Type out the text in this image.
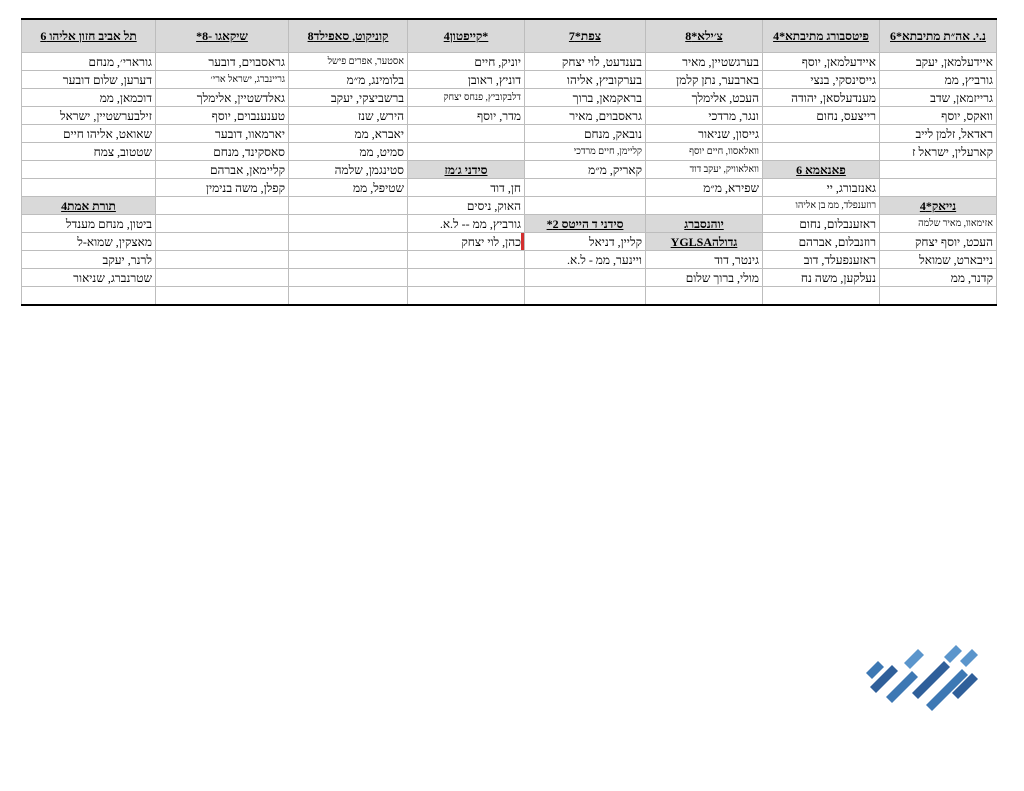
נ.י. אה״ת מתיבתא*6	פיטסבורג מתיבתא*4	צ׳ילא*8	צפת*7	*קייפטון4	קוניקוט, סאפילד8	שיקאגו -8*	תל אביב חזון אליהו 6
איידעלמאן, יעקב	איידעלמאן, יוסף	בערגשטיין, מאיר	בענדעט, לוי יצחק	יוניק, חיים	אסטער, אפרים פישל	גראסבוים, דובער	גורארי׳, מנחם
גורביץ, ממ	גייסינסקי, בנצי	בארבער, נתן קלמן	בערקוביץ, אליהו	דוניץ, ראובן	בלומינג, מ״מ	גריינברג, ישראל ארי׳	דערען, שלום דובער
גרייזמאן, שדב	מענדעלסאן, יהודה	העכט, אלימלך	בראקמאן, ברוך	דלבקוביץ, פנחס יצחק	ברשביצקי, יעקב	גאלדשטיין, אלימלך	דוכמאן, ממ
וואקס, יוסף	רייצעס, נחום	ונגר, מרדכי	גראסבוים, מאיר	מדר, יוסף	הירש, שנז	טענענבוים, יוסף	זילבערשטיין, ישראל
ראדאל, זלמן לייב		גייסון, שניאור	נובאק, מנחם		יאברא, ממ	יארמאוו, דובער	שאואט, אליהו חיים
קארעלין, ישראל ז		וואלאסוו, חיים יוסף	קליימן, חיים מרדכי		סמיט, ממ	סאסקינד, מנחם	שטטוב, צמח
	פאנאמא 6	וואלאוויק, יעקב דוד	קאריק, מ״מ	סידני ג׳מז	סטינגמן, שלמה	קליימאן, אברהם	
	גאנזבורג, יי	שפירא, מ״מ		חן, דוד	שטיפל, ממ	קפלן, משה בנימין	
נייאק*4	רוזענפלד, ממ בן אליהו			האוק, ניסים			תורת אמת4
אזימאוו, מאיר שלמה	ראזענבלום, נחום	יוהנסברג	סידני ד הייטס 2*	גורביץ, ממ -- ל.א.			ביטון, מנחם מענדל
העכט, יוסף יצחק	רוזנבלום, אברהם	גדולהYGLSA	קליין, דניאל	כהן, לוי יצחק			מאצקין, שמוא-ל
נייבארט, שמואל	ראזענפעלד, דוב	גינטר, דוד	ויינער, ממ - ל.א.				לרנר, יעקב
קדנר, ממ	נעלקען, משה נח	מולי, ברוך שלום					שטרנברג, שניאור
